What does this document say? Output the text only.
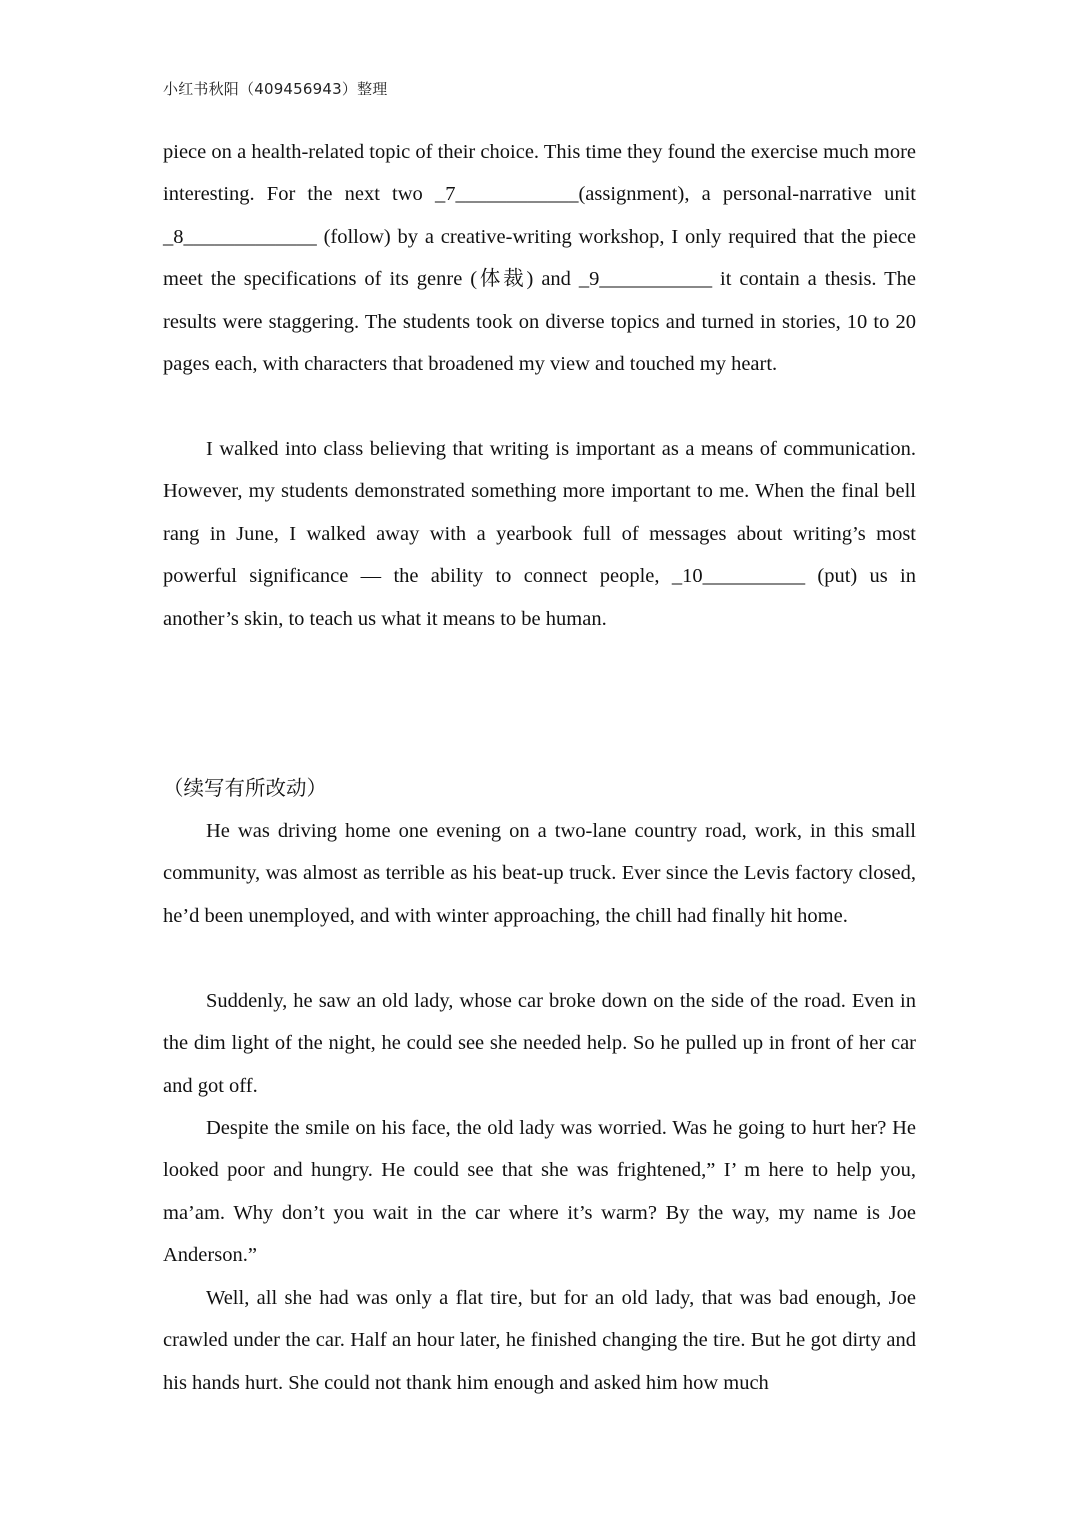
小红书秋阳（409456943）整理

piece on a health-related topic of their choice. This time they found the exercise much more interesting. For the next two _7____________(assignment), a personal-narrative unit _8_____________ (follow) by a creative-writing workshop, I only required that the piece meet the specifications of its genre (体裁) and _9___________ it contain a thesis. The results were staggering. The students took on diverse topics and turned in stories, 10 to 20 pages each, with characters that broadened my view and touched my heart.

I walked into class believing that writing is important as a means of communication. However, my students demonstrated something more important to me. When the final bell rang in June, I walked away with a yearbook full of messages about writing’s most powerful significance — the ability to connect people, _10__________ (put) us in another’s skin, to teach us what it means to be human.

（续写有所改动）

He was driving home one evening on a two-lane country road, work, in this small community, was almost as terrible as his beat-up truck. Ever since the Levis factory closed, he’d been unemployed, and with winter approaching, the chill had finally hit home.

Suddenly, he saw an old lady, whose car broke down on the side of the road. Even in the dim light of the night, he could see she needed help. So he pulled up in front of her car and got off.

Despite the smile on his face, the old lady was worried. Was he going to hurt her? He looked poor and hungry. He could see that she was frightened,” I’ m here to help you, ma’am. Why don’t you wait in the car where it’s warm? By the way, my name is Joe Anderson.”

Well, all she had was only a flat tire, but for an old lady, that was bad enough, Joe crawled under the car. Half an hour later, he finished changing the tire. But he got dirty and his hands hurt. She could not thank him enough and asked him how much
